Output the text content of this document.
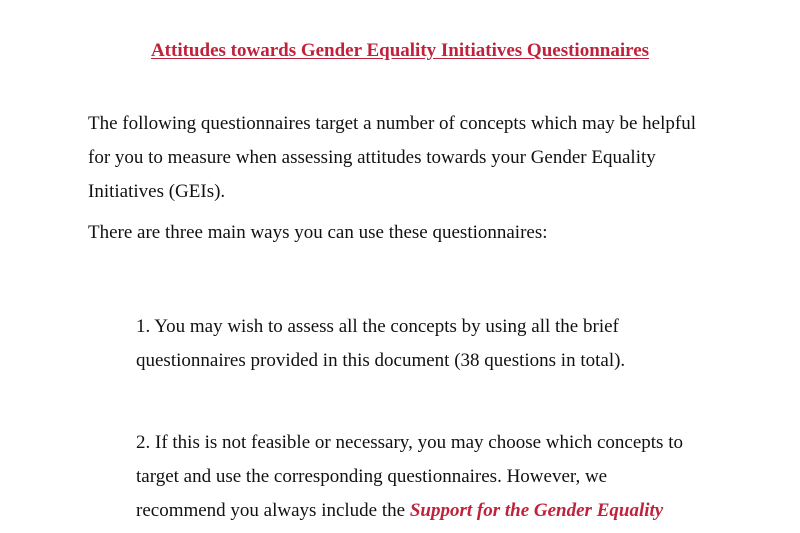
Attitudes towards Gender Equality Initiatives Questionnaires

The following questionnaires target a number of concepts which may be helpful
for you to measure when assessing attitudes towards your Gender Equality
Initiatives (GEIs).

There are three main ways you can use these questionnaires:

1. You may wish to assess all the concepts by using all the brief
questionnaires provided in this document (38 questions in total).

2. If this is not feasible or necessary, you may choose which concepts to
target and use the corresponding questionnaires. However, we
recommend you always include the Support for the Gender Equality
